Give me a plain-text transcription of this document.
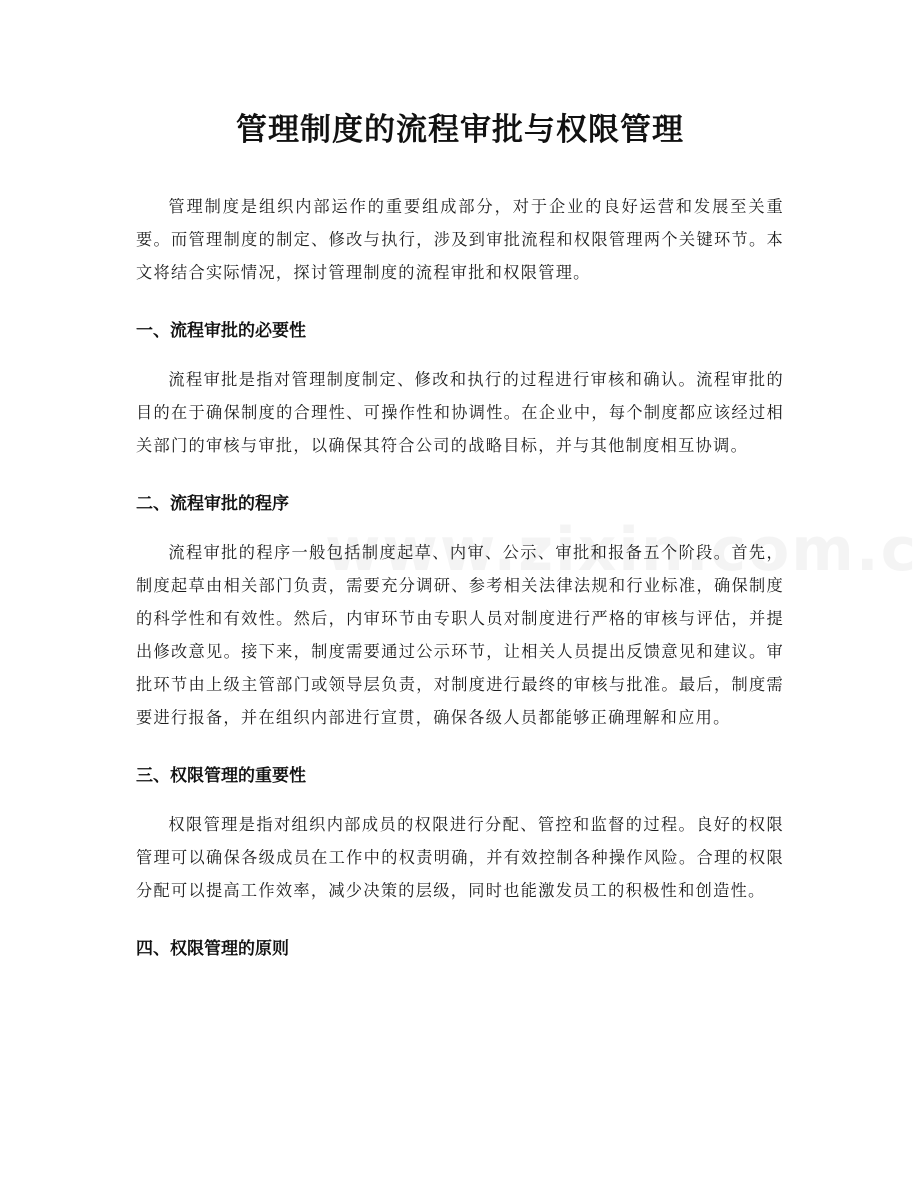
管理制度的流程审批与权限管理

管理制度是组织内部运作的重要组成部分，对于企业的良好运营和发展至关重要。而管理制度的制定、修改与执行，涉及到审批流程和权限管理两个关键环节。本文将结合实际情况，探讨管理制度的流程审批和权限管理。

一、流程审批的必要性

流程审批是指对管理制度制定、修改和执行的过程进行审核和确认。流程审批的目的在于确保制度的合理性、可操作性和协调性。在企业中，每个制度都应该经过相关部门的审核与审批，以确保其符合公司的战略目标，并与其他制度相互协调。

二、流程审批的程序

流程审批的程序一般包括制度起草、内审、公示、审批和报备五个阶段。首先，制度起草由相关部门负责，需要充分调研、参考相关法律法规和行业标准，确保制度的科学性和有效性。然后，内审环节由专职人员对制度进行严格的审核与评估，并提出修改意见。接下来，制度需要通过公示环节，让相关人员提出反馈意见和建议。审批环节由上级主管部门或领导层负责，对制度进行最终的审核与批准。最后，制度需要进行报备，并在组织内部进行宣贯，确保各级人员都能够正确理解和应用。

三、权限管理的重要性

权限管理是指对组织内部成员的权限进行分配、管控和监督的过程。良好的权限管理可以确保各级成员在工作中的权责明确，并有效控制各种操作风险。合理的权限分配可以提高工作效率，减少决策的层级，同时也能激发员工的积极性和创造性。

四、权限管理的原则
